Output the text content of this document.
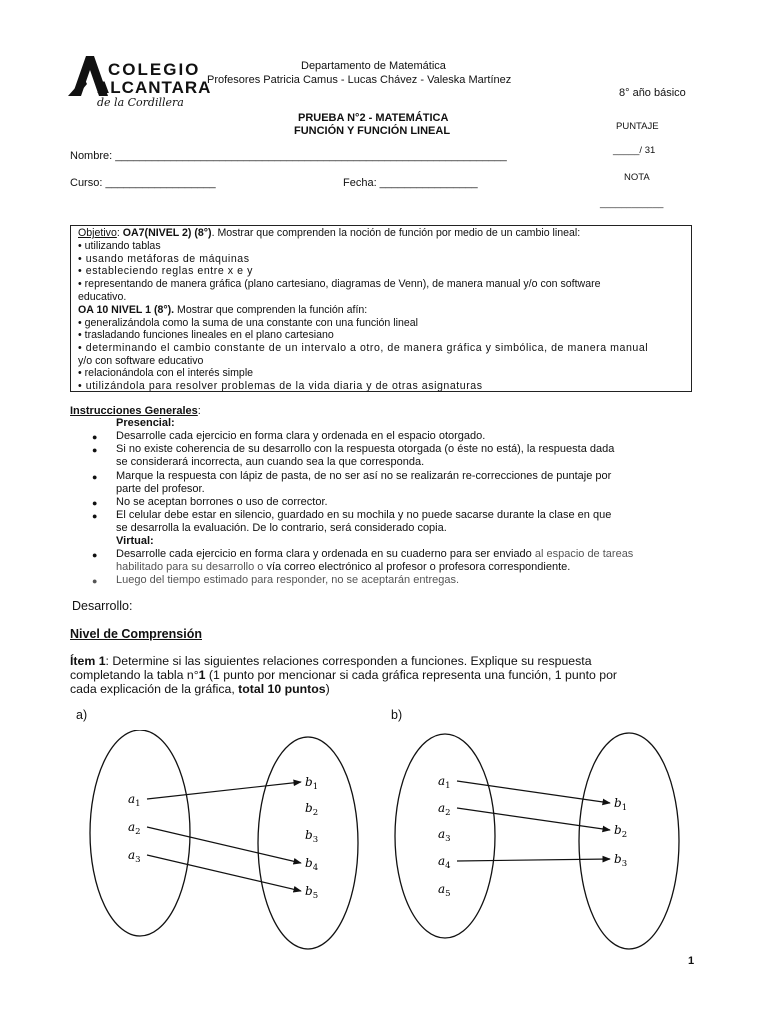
COLEGIO
ALCANTARA
de la Cordillera
Departamento de Matemática
Profesores Patricia Camus - Lucas Chávez - Valeska Martínez
8° año básico
PRUEBA N°2 - MATEMÁTICA
FUNCIÓN Y FUNCIÓN LINEAL	PUNTAJE
_____/ 31
NOTA
____________
Nombre: ________________________________________________________________
Curso: __________________	Fecha: ________________
Objetivo: OA7(NIVEL 2) (8°). Mostrar que comprenden la noción de función por medio de un cambio lineal:
• utilizando tablas
• usando metáforas de máquinas
• estableciendo reglas entre x e y
• representando de manera gráfica (plano cartesiano, diagramas de Venn), de manera manual y/o con software
educativo.
OA 10 NIVEL 1 (8°). Mostrar que comprenden la función afín:
• generalizándola como la suma de una constante con una función lineal
• trasladando funciones lineales en el plano cartesiano
• determinando el cambio constante de un intervalo a otro, de manera gráfica y simbólica, de manera manual
y/o con software educativo
• relacionándola con el interés simple
• utilizándola para resolver problemas de la vida diaria y de otras asignaturas
Instrucciones Generales:
Presencial:
● Desarrolle cada ejercicio en forma clara y ordenada en el espacio otorgado.
● Si no existe coherencia de su desarrollo con la respuesta otorgada (o éste no está), la respuesta dada
se considerará incorrecta, aun cuando sea la que corresponda.
● Marque la respuesta con lápiz de pasta, de no ser así no se realizarán re-correcciones de puntaje por
parte del profesor.
● No se aceptan borrones o uso de corrector.
● El celular debe estar en silencio, guardado en su mochila y no puede sacarse durante la clase en que
se desarrolla la evaluación. De lo contrario, será considerado copia.
Virtual:
● Desarrolle cada ejercicio en forma clara y ordenada en su cuaderno para ser enviado al espacio de tareas
habilitado para su desarrollo o vía correo electrónico al profesor o profesora correspondiente.
● Luego del tiempo estimado para responder, no se aceptarán entregas.
Desarrollo:
Nivel de Comprensión
Ítem 1: Determine si las siguientes relaciones corresponden a funciones. Explique su respuesta
completando la tabla n°1 (1 punto por mencionar si cada gráfica representa una función, 1 punto por
cada explicación de la gráfica, total 10 puntos)
a)	b)
$a_1$
$a_2$
$a_3$
$b_1$
$b_2$
$b_3$
$b_4$
$b_5$
$a_1$
$a_2$
$a_3$
$a_4$
$a_5$
$b_1$
$b_2$
$b_3$
1
